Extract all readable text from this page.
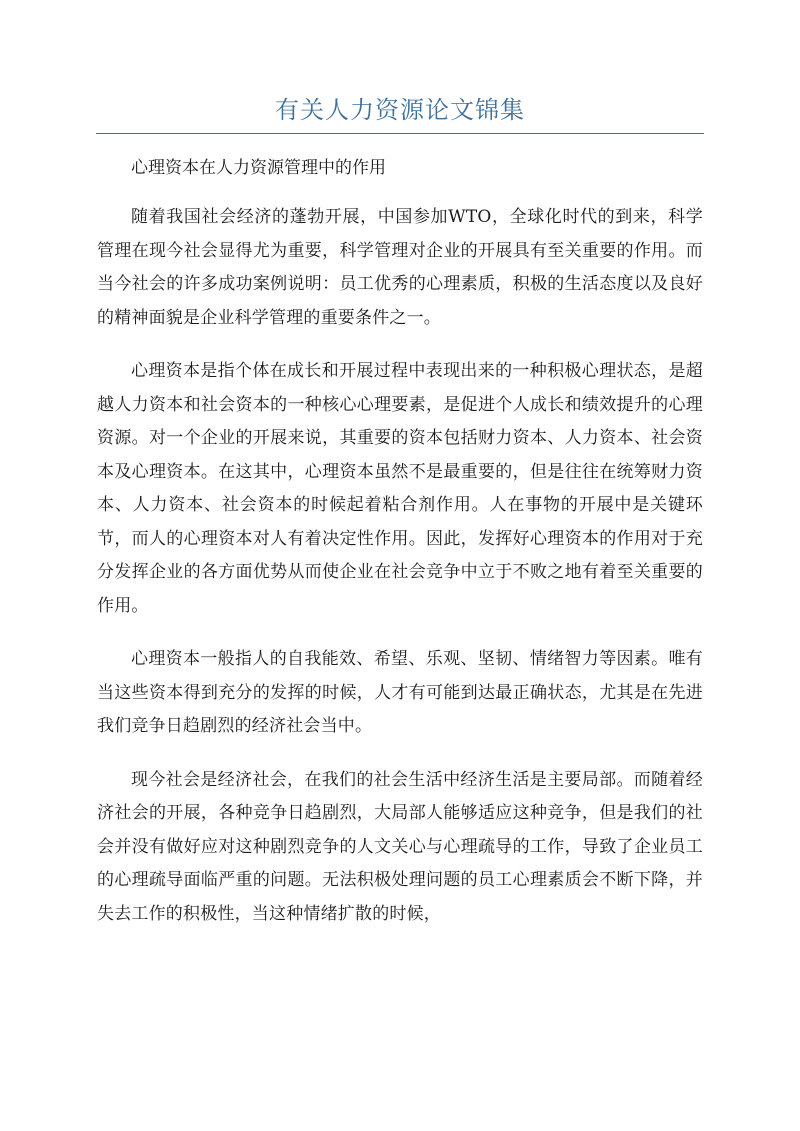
有关人力资源论文锦集

心理资本在人力资源管理中的作用

随着我国社会经济的蓬勃开展，中国参加WTO，全球化时代的到来，科学管理在现今社会显得尤为重要，科学管理对企业的开展具有至关重要的作用。而当今社会的许多成功案例说明：员工优秀的心理素质，积极的生活态度以及良好的精神面貌是企业科学管理的重要条件之一。

心理资本是指个体在成长和开展过程中表现出来的一种积极心理状态，是超越人力资本和社会资本的一种核心心理要素，是促进个人成长和绩效提升的心理资源。对一个企业的开展来说，其重要的资本包括财力资本、人力资本、社会资本及心理资本。在这其中，心理资本虽然不是最重要的，但是往往在统筹财力资本、人力资本、社会资本的时候起着粘合剂作用。人在事物的开展中是关键环节，而人的心理资本对人有着决定性作用。因此，发挥好心理资本的作用对于充分发挥企业的各方面优势从而使企业在社会竞争中立于不败之地有着至关重要的作用。

心理资本一般指人的自我能效、希望、乐观、坚韧、情绪智力等因素。唯有当这些资本得到充分的发挥的时候，人才有可能到达最正确状态，尤其是在先进我们竞争日趋剧烈的经济社会当中。

现今社会是经济社会，在我们的社会生活中经济生活是主要局部。而随着经济社会的开展，各种竞争日趋剧烈，大局部人能够适应这种竞争，但是我们的社会并没有做好应对这种剧烈竞争的人文关心与心理疏导的工作，导致了企业员工的心理疏导面临严重的问题。无法积极处理问题的员工心理素质会不断下降，并失去工作的积极性，当这种情绪扩散的时候，
